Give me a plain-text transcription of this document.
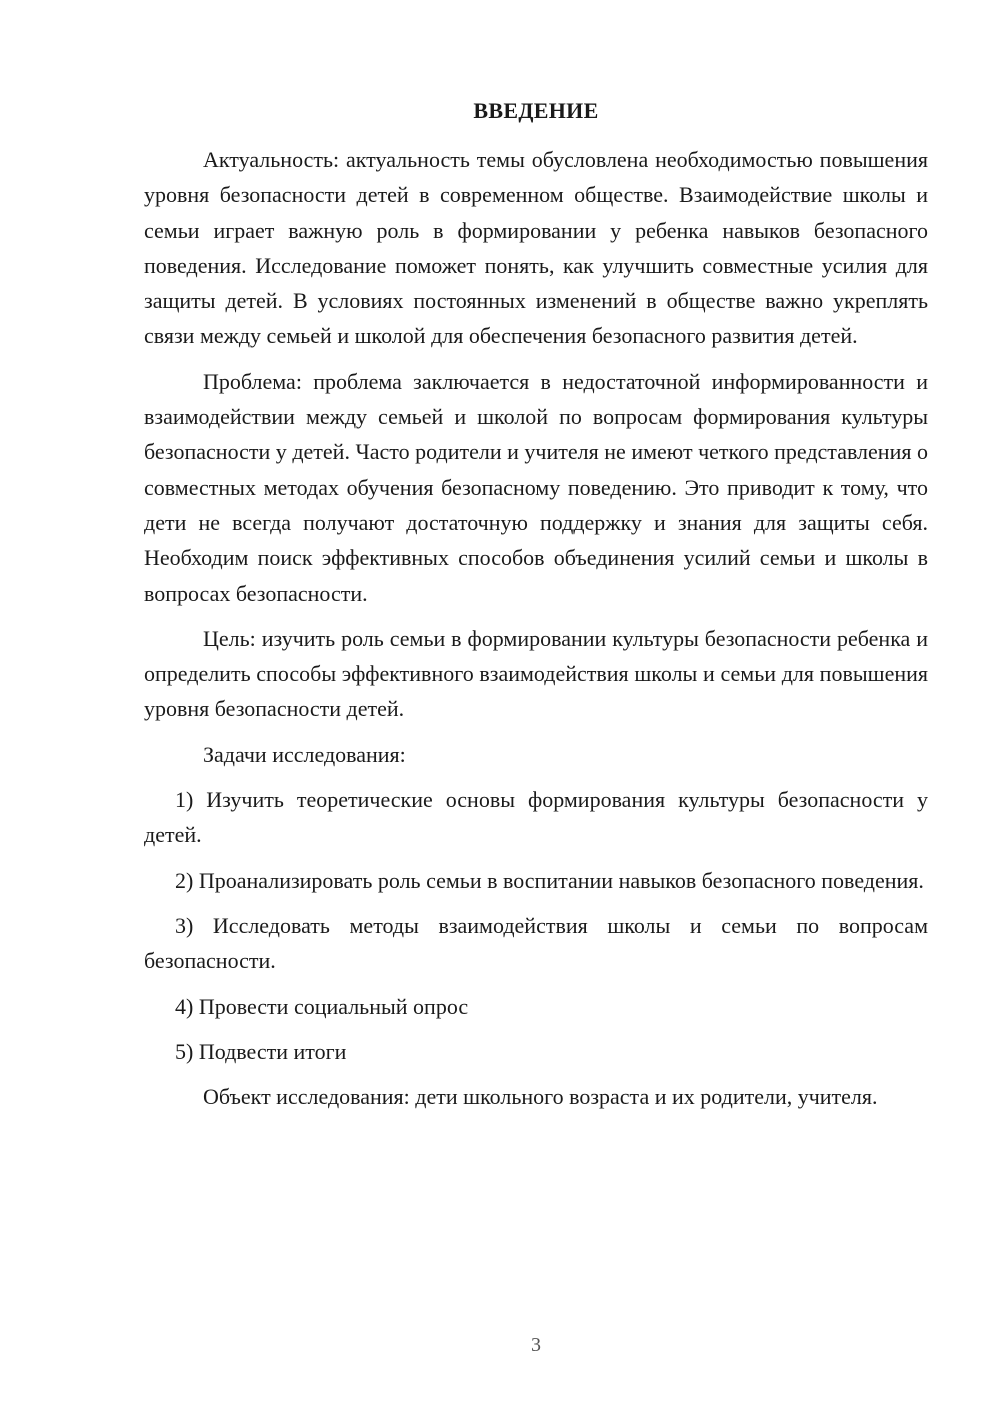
ВВЕДЕНИЕ

Актуальность: актуальность темы обусловлена необходимостью повышения уровня безопасности детей в современном обществе. Взаимодействие школы и семьи играет важную роль в формировании у ребенка навыков безопасного поведения. Исследование поможет понять, как улучшить совместные усилия для защиты детей. В условиях постоянных изменений в обществе важно укреплять связи между семьей и школой для обеспечения безопасного развития детей.

Проблема: проблема заключается в недостаточной информированности и взаимодействии между семьей и школой по вопросам формирования культуры безопасности у детей. Часто родители и учителя не имеют четкого представления о совместных методах обучения безопасному поведению. Это приводит к тому, что дети не всегда получают достаточную поддержку и знания для защиты себя. Необходим поиск эффективных способов объединения усилий семьи и школы в вопросах безопасности.

Цель: изучить роль семьи в формировании культуры безопасности ребенка и определить способы эффективного взаимодействия школы и семьи для повышения уровня безопасности детей.

Задачи исследования:

1) Изучить теоретические основы формирования культуры безопасности у детей.

2) Проанализировать роль семьи в воспитании навыков безопасного поведения.

3) Исследовать методы взаимодействия школы и семьи по вопросам безопасности.

4) Провести социальный опрос

5) Подвести итоги

Объект исследования: дети школьного возраста и их родители, учителя.

3
